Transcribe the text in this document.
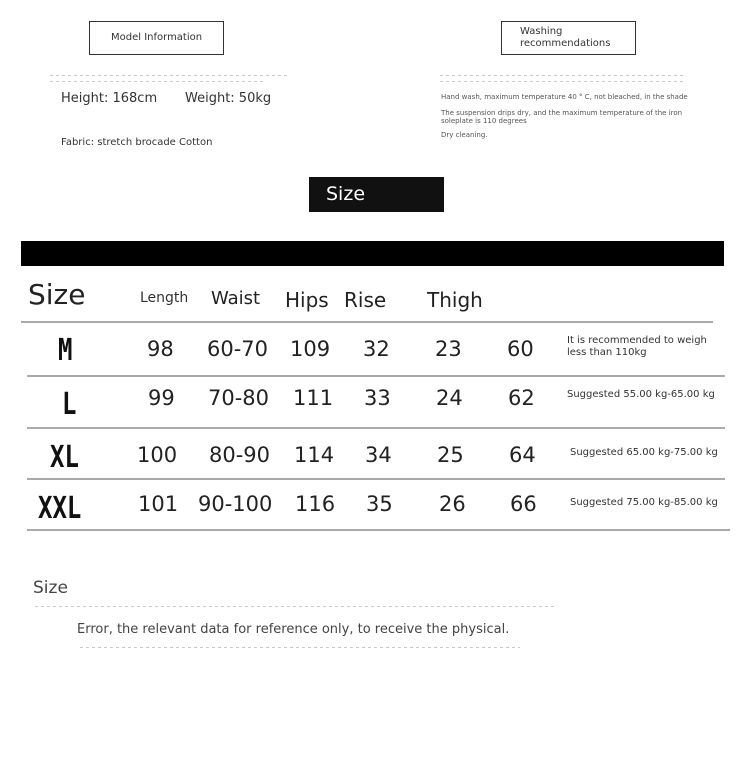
Model Information
Height: 168cm Weight: 50kg
Fabric: stretch brocade Cotton
Washing recommendations
Hand wash, maximum temperature 40 ° C, not bleached, in the shade
The suspension drips dry, and the maximum temperature of the iron soleplate is 110 degrees
Dry cleaning.
Size
Size	Length Waist Hips Rise Thigh
M	98 60-70 109 32 23 60	It is recommended to weigh less than 110kg
L	99 70-80 111 33 24 62	Suggested 55.00 kg-65.00 kg
XL	100 80-90 114 34 25 64	Suggested 65.00 kg-75.00 kg
XXL	101 90-100 116 35 26 66	Suggested 75.00 kg-85.00 kg
Size
Error, the relevant data for reference only, to receive the physical.
